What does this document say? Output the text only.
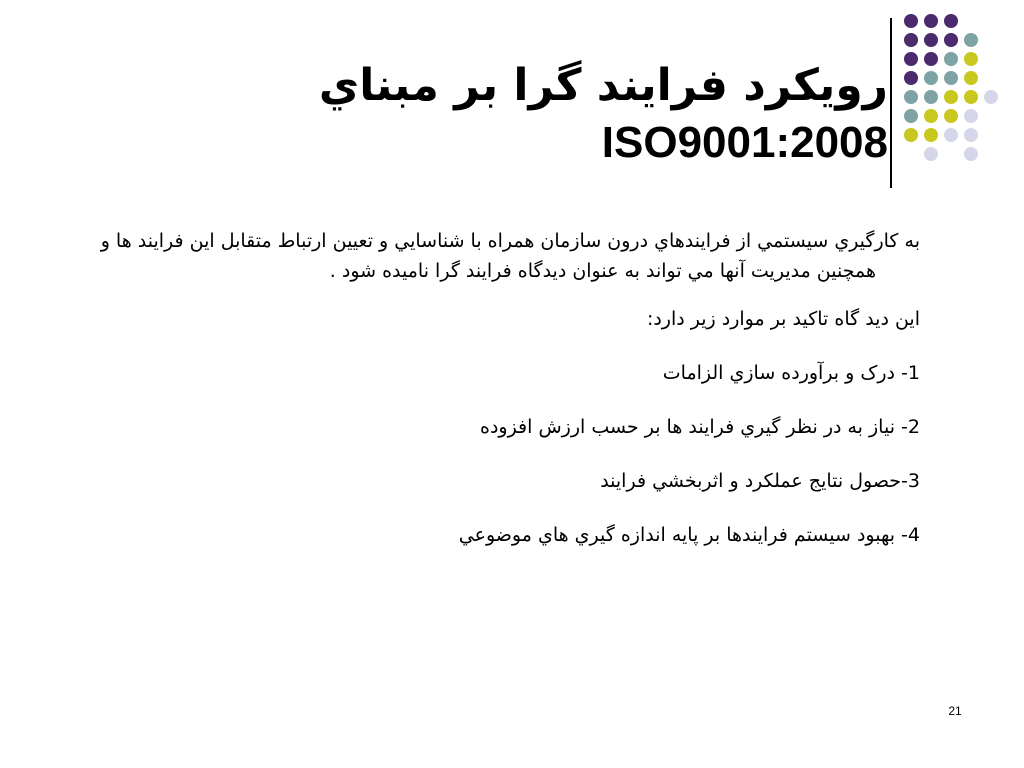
رويکرد فرايند گرا بر مبناي
ISO9001:2008

به كارگيري سيستمي از فرايندهاي درون سازمان همراه با شناسايي و تعيين ارتباط متقابل اين فرايند ها و همچنين مديريت آنها مي تواند به عنوان ديدگاه فرايند گرا ناميده شود .

اين ديد گاه تاكيد بر موارد زير دارد:

1- درک و برآورده سازي الزامات

2- نياز به در نظر گيري فرايند ها بر حسب ارزش افزوده

3-حصول نتايج عملكرد و اثربخشي فرايند

4- بهبود سيستم فرايندها بر پايه اندازه گيري هاي موضوعي

21
